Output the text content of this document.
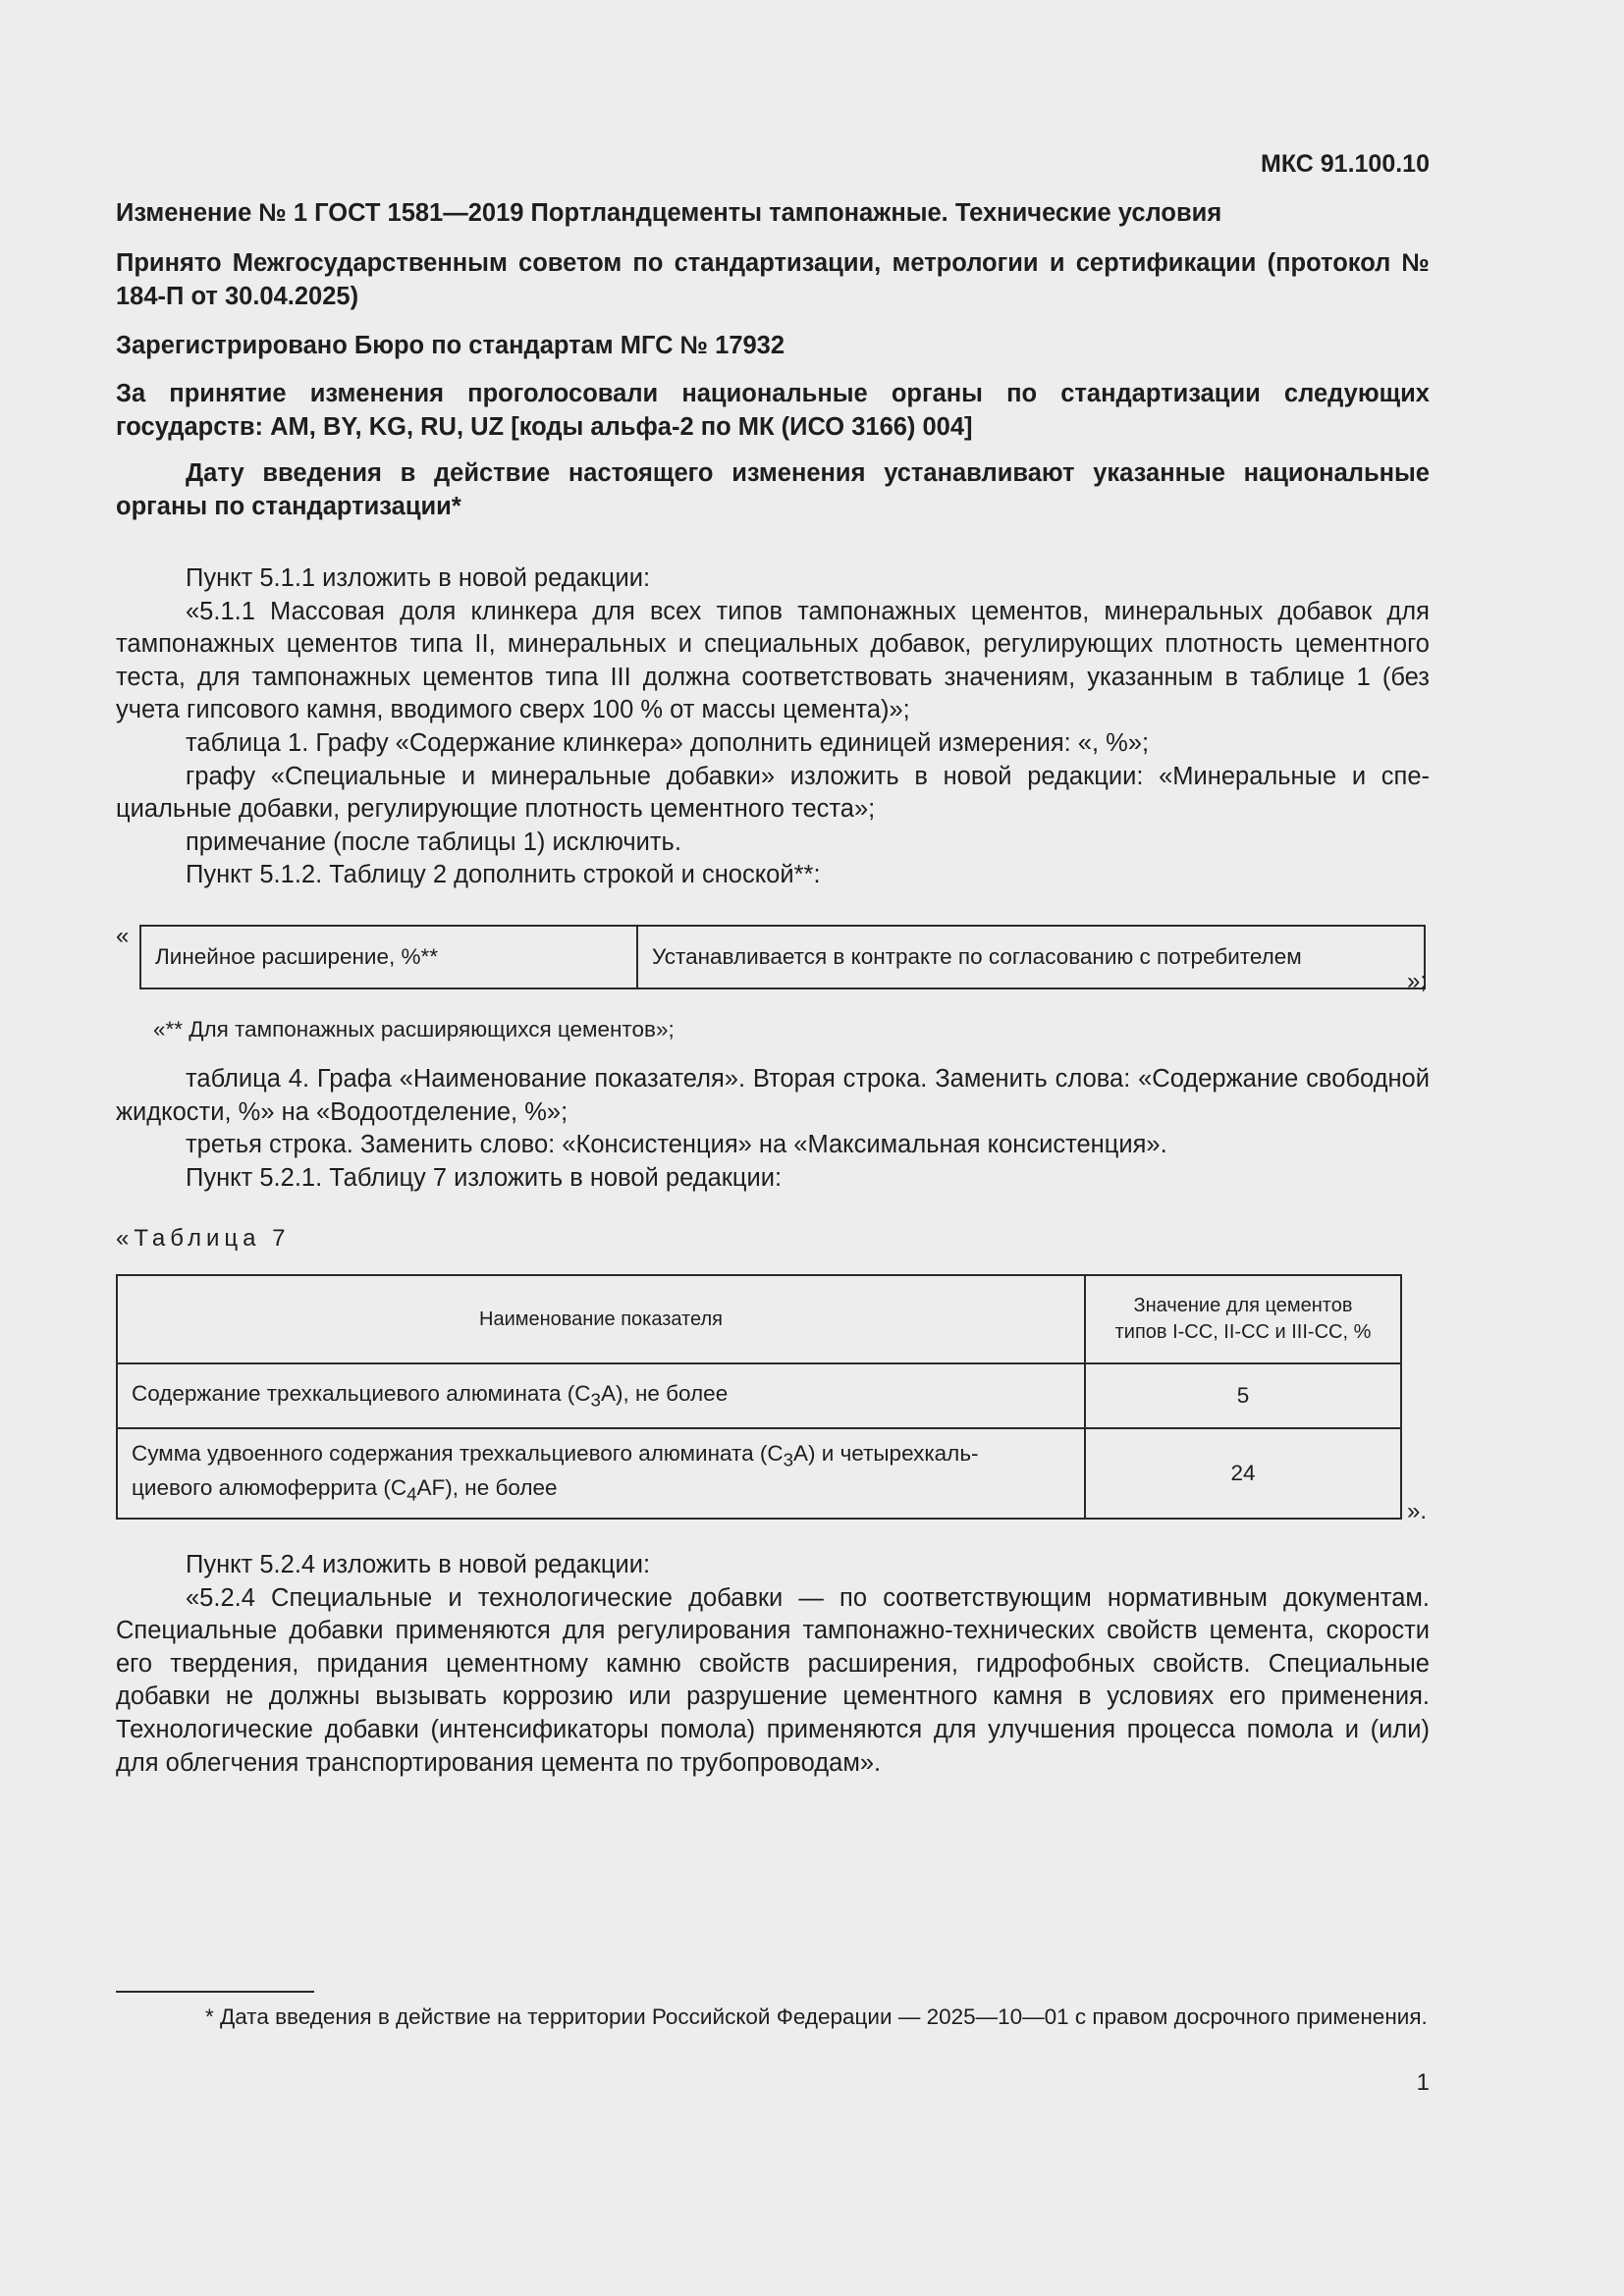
МКС 91.100.10
Изменение № 1 ГОСТ 1581—2019 Портландцементы тампонажные. Технические условия
Принято Межгосударственным советом по стандартизации, метрологии и сертификации (протокол № 184-П от 30.04.2025)
Зарегистрировано Бюро по стандартам МГС № 17932
За принятие изменения проголосовали национальные органы по стандартизации следующих государств: AM, BY, KG, RU, UZ [коды альфа-2 по МК (ИСО 3166) 004]
Дату введения в действие настоящего изменения устанавливают указанные национальные органы по стандартизации*

Пункт 5.1.1 изложить в новой редакции:

«5.1.1 Массовая доля клинкера для всех типов тампонажных цементов, минеральных добавок для тампонажных цементов типа II, минеральных и специальных добавок, регулирующих плотность цементного теста, для тампонажных цементов типа III должна соответствовать значениям, указанным в таблице 1 (без учета гипсового камня, вводимого сверх 100 % от массы цемента)»;

таблица 1. Графу «Содержание клинкера» дополнить единицей измерения: «, %»;

графу «Специальные и минеральные добавки» изложить в новой редакции: «Минеральные и спе-циальные добавки, регулирующие плотность цементного теста»;

примечание (после таблицы 1) исключить.

Пункт 5.1.2. Таблицу 2 дополнить строкой и сноской**:

«
Линейное расширение, %**	Устанавливается в контракте по согласованию с потребителем
»;
«** Для тампонажных расширяющихся цементов»;

таблица 4. Графа «Наименование показателя». Вторая строка. Заменить слова: «Содержание свободной жидкости, %» на «Водоотделение, %»;

третья строка. Заменить слово: «Консистенция» на «Максимальная консистенция».

Пункт 5.2.1. Таблицу 7 изложить в новой редакции:

«Таблица 7
Наименование показателя	Значение для цементов
типов I-CC, II-CC и III-CC, %

Содержание трехкальциевого алюмината $(C_3A)$, не более	5

Сумма удвоенного содержания трехкальциевого алюмината $(C_3A)$ и четырехкаль-
циевого алюмоферрита $(C_4AF)$, не более	24
».

Пункт 5.2.4 изложить в новой редакции:

«5.2.4 Специальные и технологические добавки — по соответствующим нормативным документам. Специальные добавки применяются для регулирования тампонажно-технических свойств цемента, скорости его твердения, придания цементному камню свойств расширения, гидрофобных свойств. Специальные добавки не должны вызывать коррозию или разрушение цементного камня в условиях его применения. Технологические добавки (интенсификаторы помола) применяются для улучшения процесса помола и (или) для облегчения транспортирования цемента по трубопроводам».

* Дата введения в действие на территории Российской Федерации — 2025—10—01 с правом досрочного применения.
1
